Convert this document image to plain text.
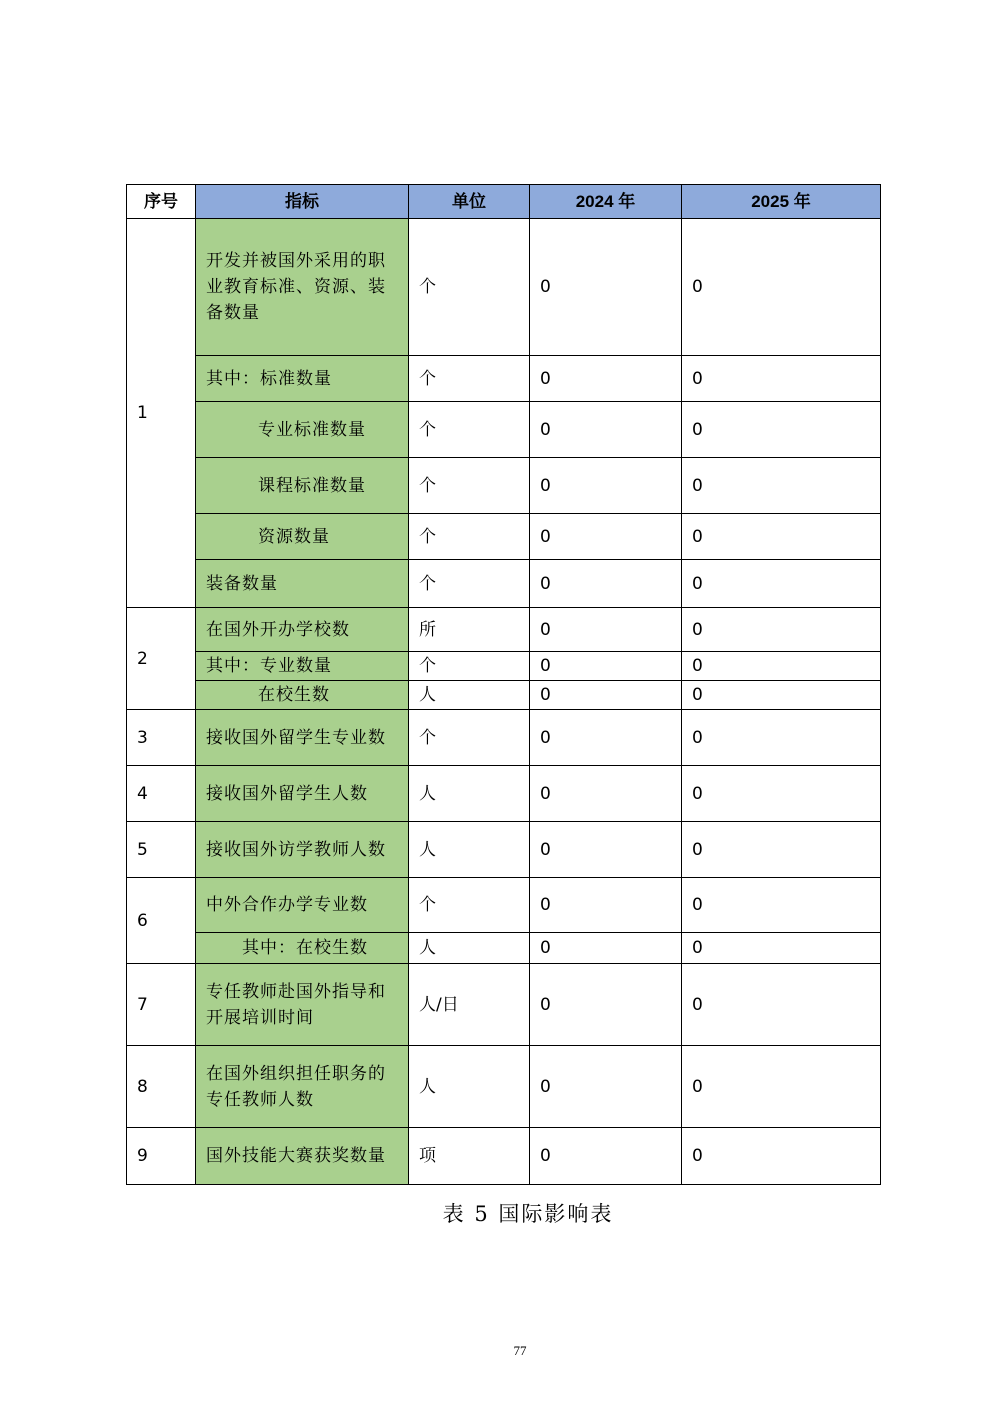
序号	指标	单位	2024 年	2025 年
1	开发并被国外采用的职业教育标准、资源、装备数量	个	0	0
	其中：标准数量	个	0	0
	专业标准数量	个	0	0
	课程标准数量	个	0	0
	资源数量	个	0	0
	装备数量	个	0	0
2	在国外开办学校数	所	0	0
	其中：专业数量	个	0	0
	在校生数	人	0	0
3	接收国外留学生专业数	个	0	0
4	接收国外留学生人数	人	0	0
5	接收国外访学教师人数	人	0	0
6	中外合作办学专业数	个	0	0
	其中：在校生数	人	0	0
7	专任教师赴国外指导和开展培训时间	人/日	0	0
8	在国外组织担任职务的专任教师人数	人	0	0
9	国外技能大赛获奖数量	项	0	0
表 5 国际影响表
77
